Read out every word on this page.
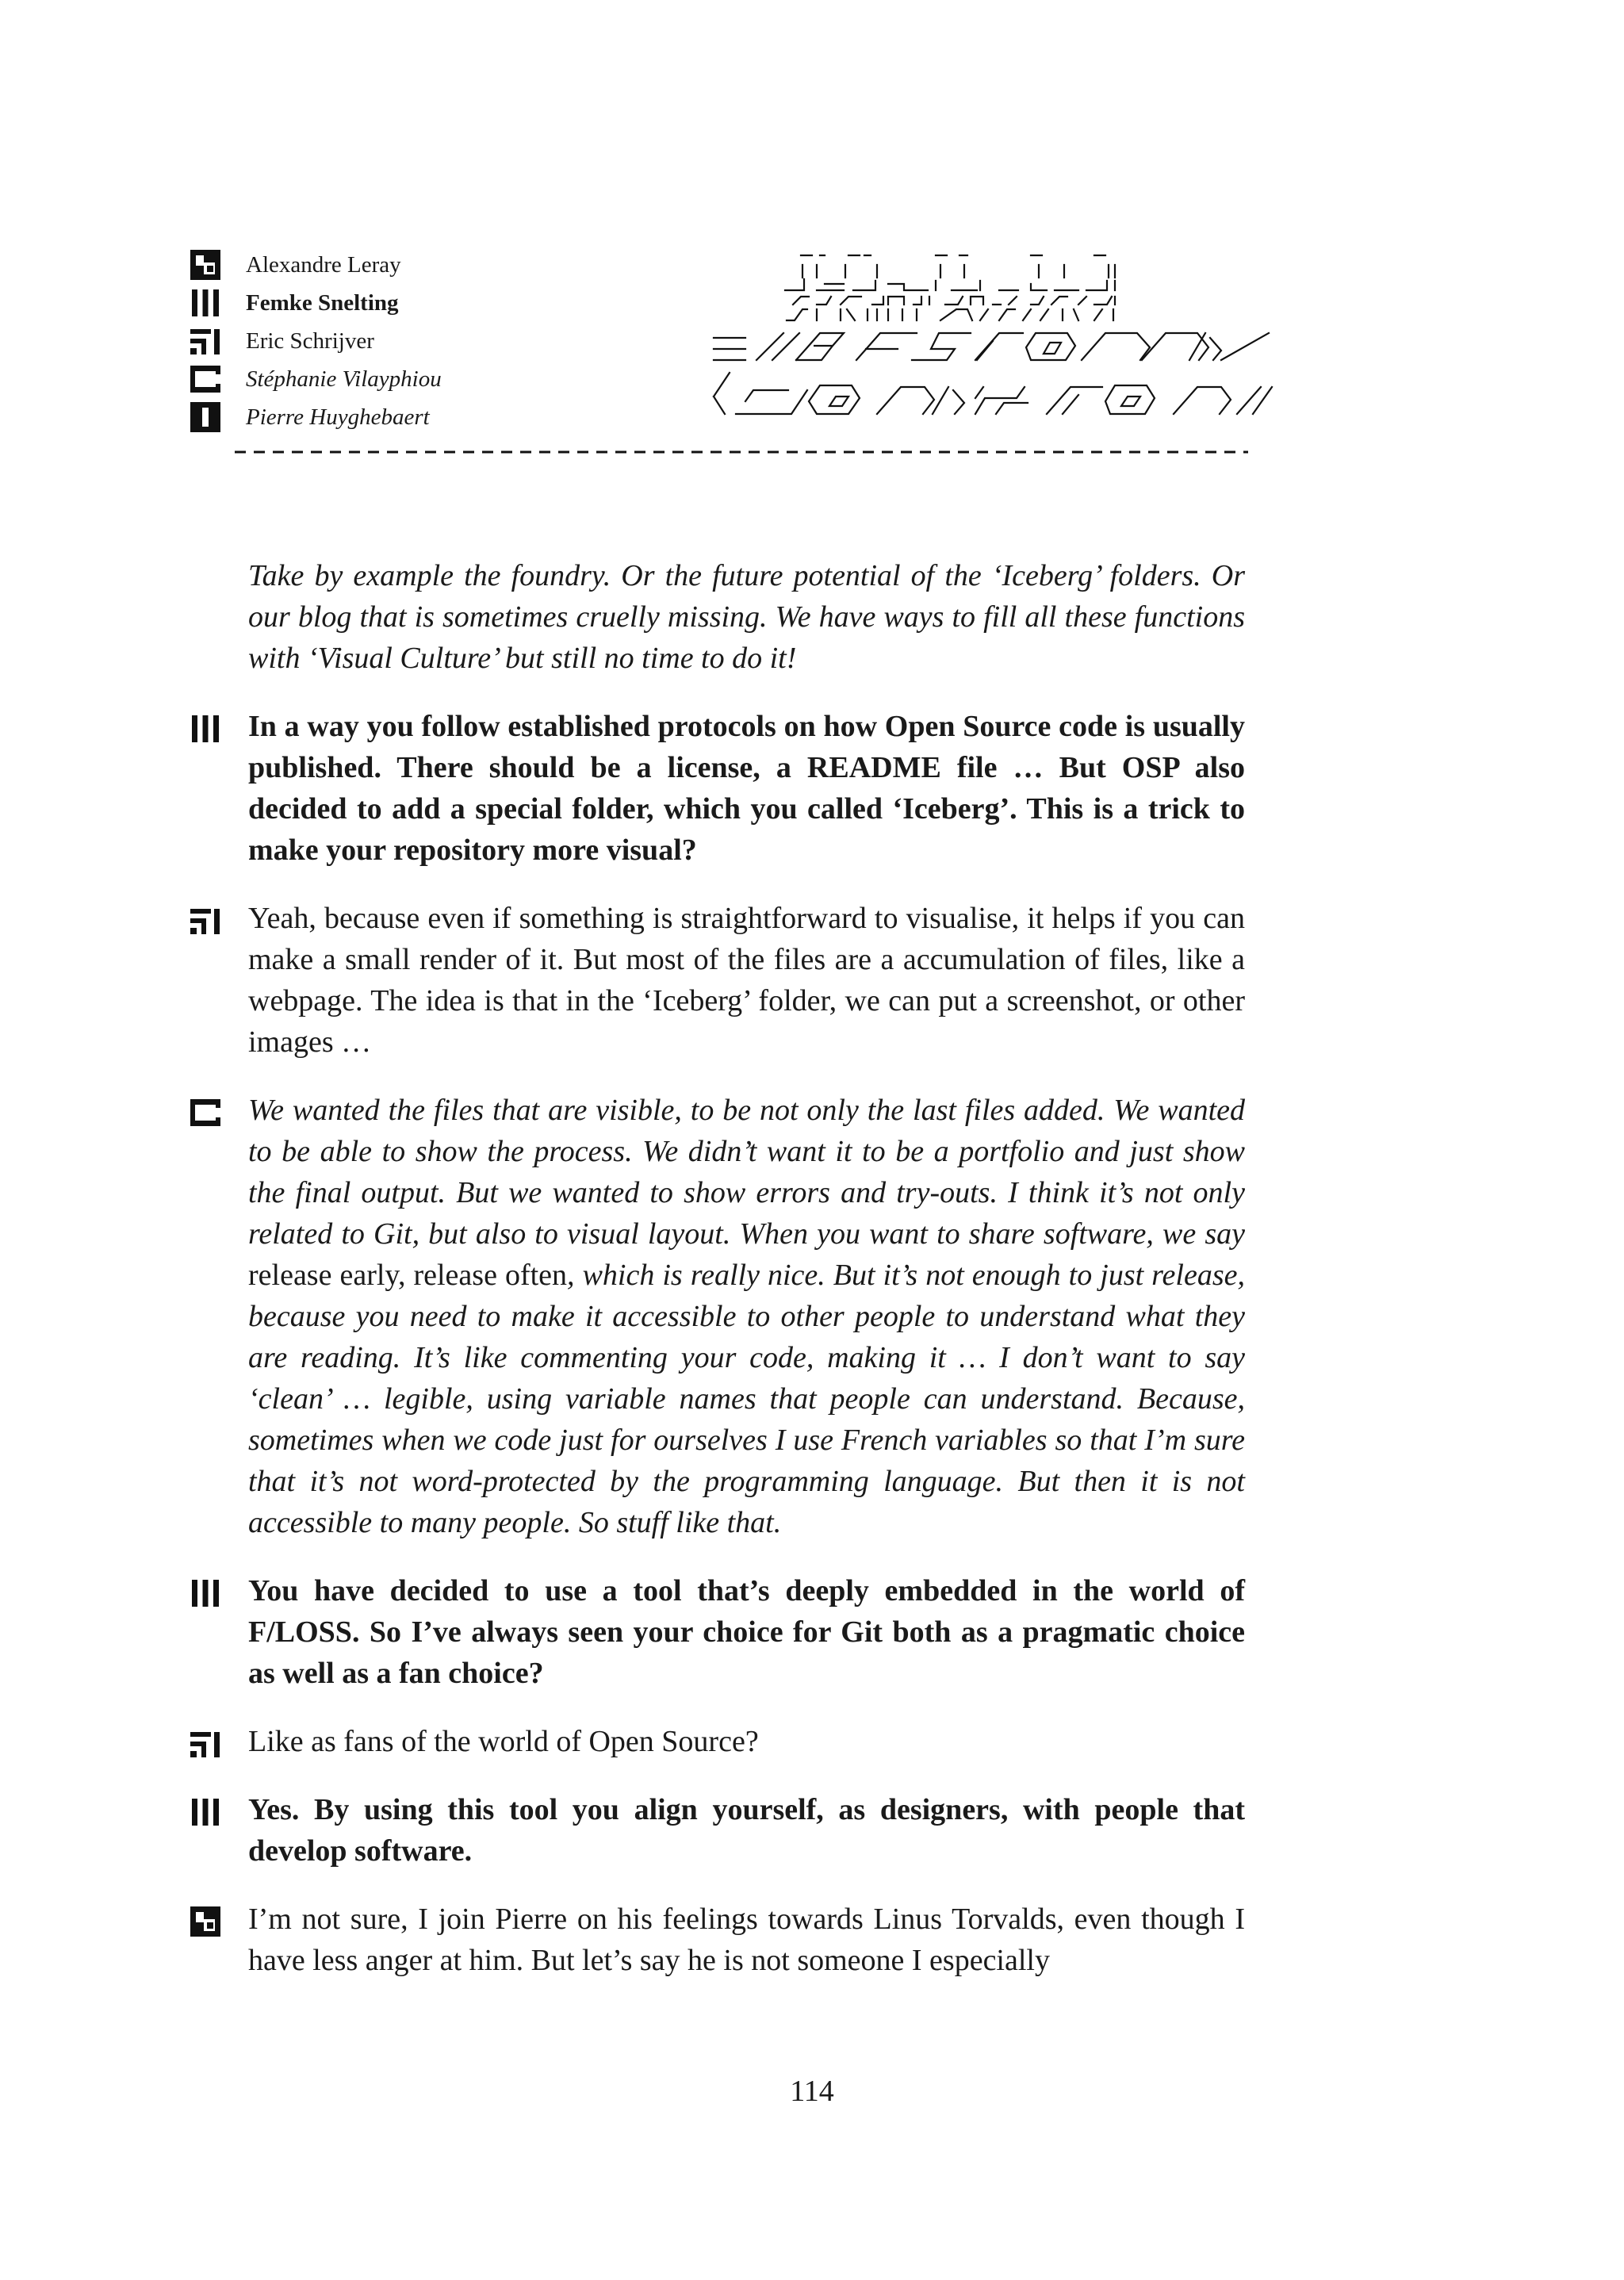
Alexandre Leray
Femke Snelting
Eric Schrijver
Stéphanie Vilayphiou
Pierre Huyghebaert

Take by example the foundry. Or the future potential of the ‘Iceberg’ folders. Or our blog that is sometimes cruelly missing. We have ways to fill all these functions with ‘Visual Culture’ but still no time to do it!

In a way you follow established protocols on how Open Source code is usually published. There should be a license, a README file … But OSP also decided to add a special folder, which you called ‘Iceberg’. This is a trick to make your repository more visual?

Yeah, because even if something is straightforward to visualise, it helps if you can make a small render of it. But most of the files are a accumulation of files, like a webpage. The idea is that in the ‘Iceberg’ folder, we can put a screenshot, or other images …

We wanted the files that are visible, to be not only the last files added. We wanted to be able to show the process. We didn’t want it to be a portfolio and just show the final output. But we wanted to show errors and try-outs. I think it’s not only related to Git, but also to visual layout. When you want to share software, we say release early, release often, which is really nice. But it’s not enough to just release, because you need to make it accessible to other people to understand what they are reading. It’s like commenting your code, making it … I don’t want to say ‘clean’ … legible, using variable names that people can understand. Because, sometimes when we code just for ourselves I use French variables so that I’m sure that it’s not word-protected by the programming language. But then it is not accessible to many people. So stuff like that.

You have decided to use a tool that’s deeply embedded in the world of F/LOSS. So I’ve always seen your choice for Git both as a pragmatic choice as well as a fan choice?

Like as fans of the world of Open Source?

Yes. By using this tool you align yourself, as designers, with people that develop software.

I’m not sure, I join Pierre on his feelings towards Linus Torvalds, even though I have less anger at him. But let’s say he is not someone I especially

114
